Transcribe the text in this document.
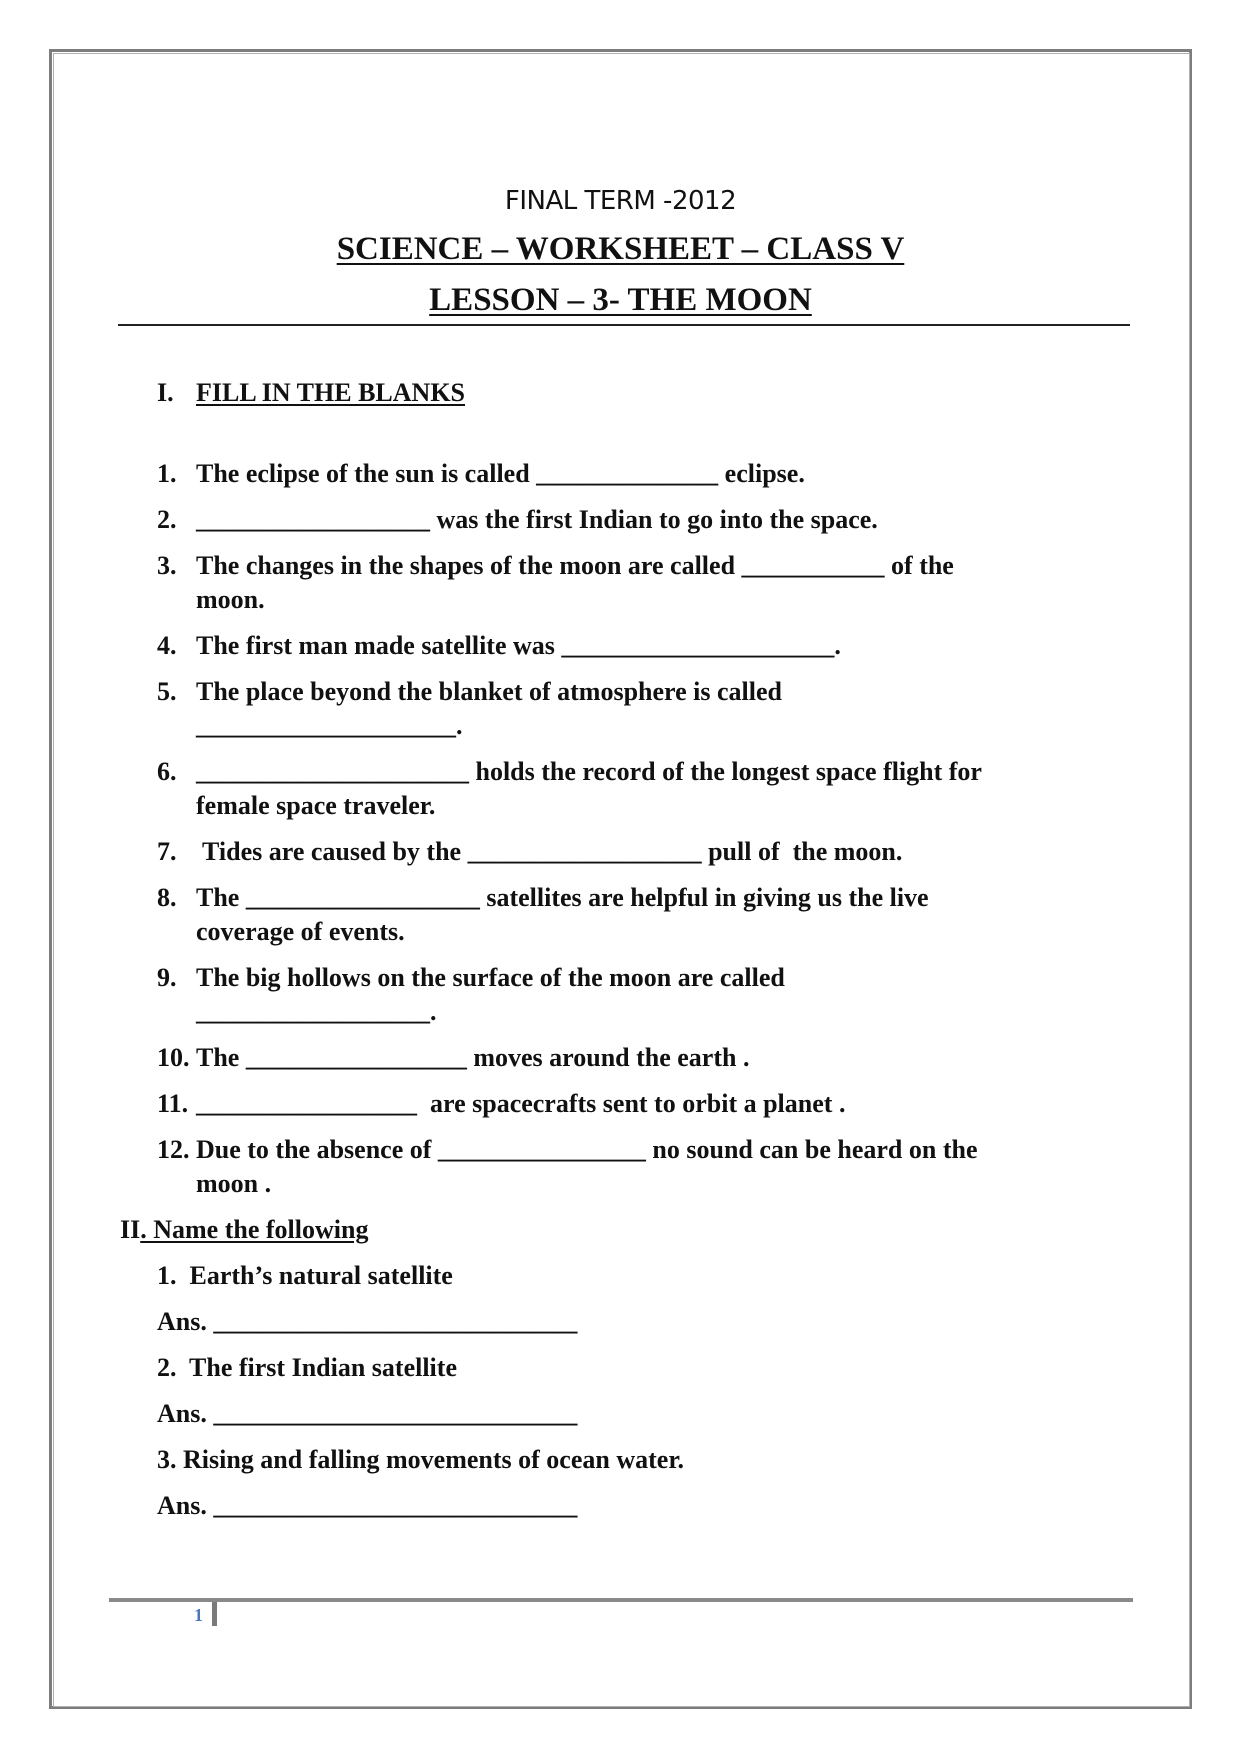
FINAL TERM -2012
SCIENCE – WORKSHEET – CLASS V
LESSON – 3- THE MOON
I. FILL IN THE BLANKS
1. The eclipse of the sun is called ______________ eclipse.
2. __________________ was the first Indian to go into the space.
3. The changes in the shapes of the moon are called ___________ of the
moon.
4. The first man made satellite was _____________________.
5. The place beyond the blanket of atmosphere is called
____________________.
6. _____________________ holds the record of the longest space flight for
female space traveler.
7. Tides are caused by the __________________ pull of  the moon.
8. The __________________ satellites are helpful in giving us the live
coverage of events.
9. The big hollows on the surface of the moon are called
__________________.
10. The _________________ moves around the earth .
11. _________________  are spacecrafts sent to orbit a planet .
12. Due to the absence of ________________ no sound can be heard on the
moon .
II. Name the following
1.  Earth’s natural satellite
Ans. ____________________________
2.  The first Indian satellite
Ans. ____________________________
3. Rising and falling movements of ocean water.
Ans. ____________________________
1
